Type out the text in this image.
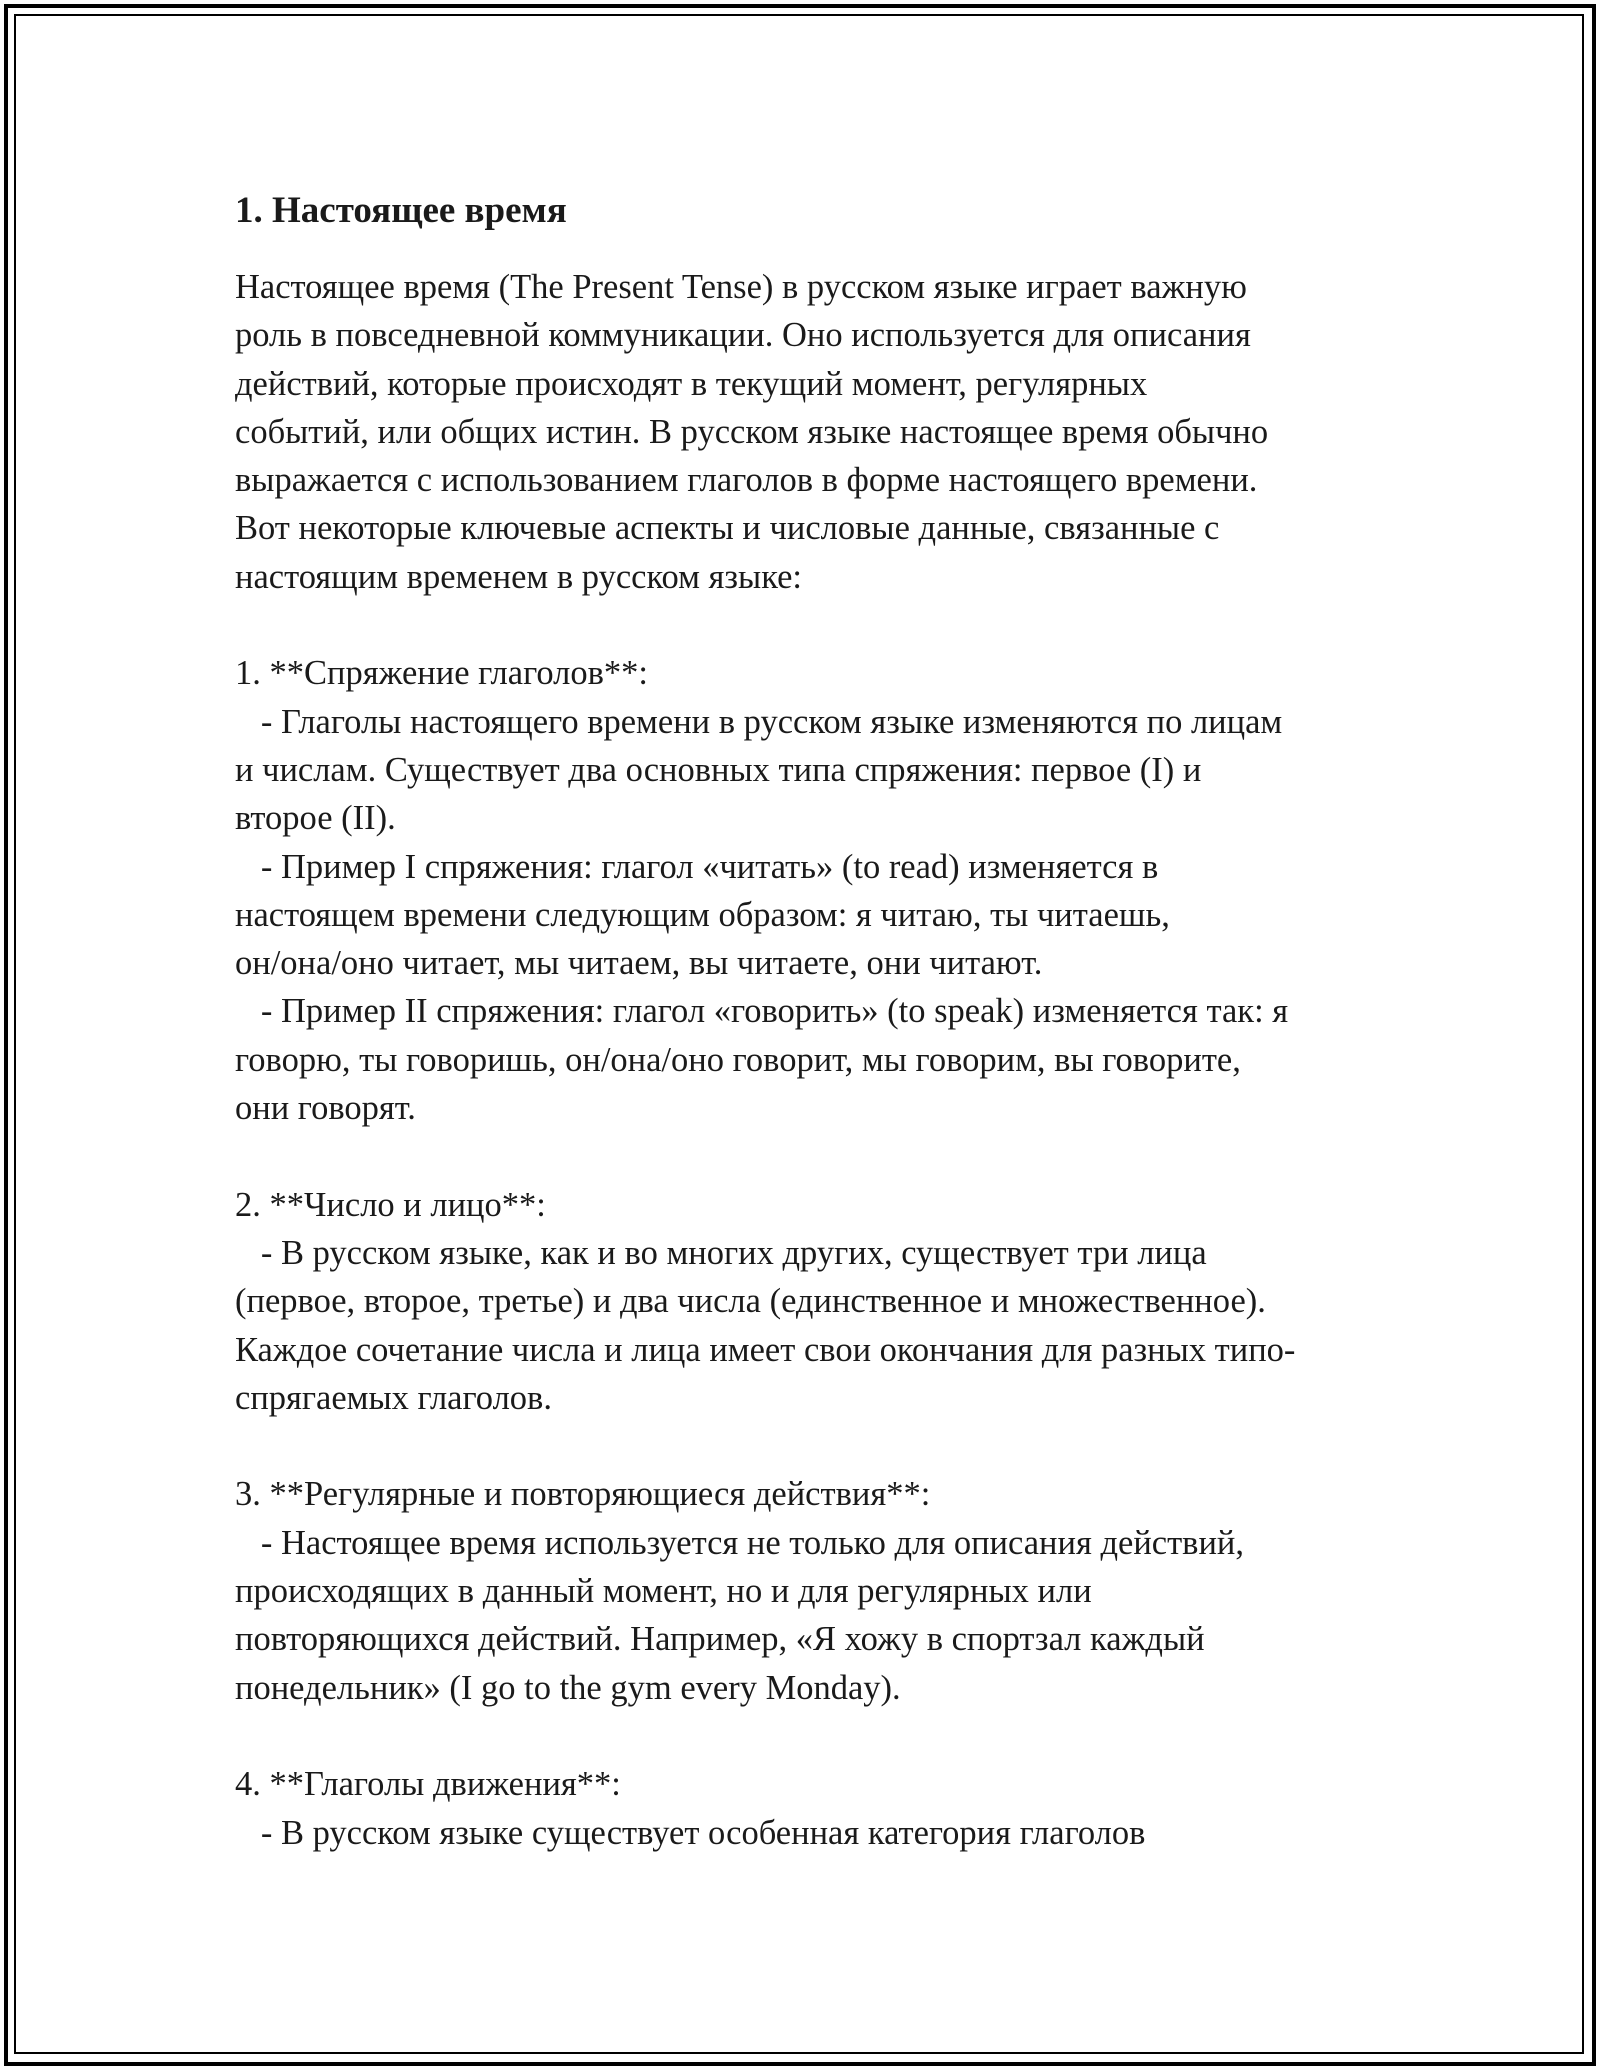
1. Настоящее время
Настоящее время (The Present Tense) в русском языке играет важную
роль в повседневной коммуникации. Оно используется для описания
действий, которые происходят в текущий момент, регулярных
событий, или общих истин. В русском языке настоящее время обычно
выражается с использованием глаголов в форме настоящего времени.
Вот некоторые ключевые аспекты и числовые данные, связанные с
настоящим временем в русском языке:
1. **Спряжение глаголов**:
- Глаголы настоящего времени в русском языке изменяются по лицам
и числам. Существует два основных типа спряжения: первое (I) и
второе (II).
- Пример I спряжения: глагол «читать» (to read) изменяется в
настоящем времени следующим образом: я читаю, ты читаешь,
он/она/оно читает, мы читаем, вы читаете, они читают.
- Пример II спряжения: глагол «говорить» (to speak) изменяется так: я
говорю, ты говоришь, он/она/оно говорит, мы говорим, вы говорите,
они говорят.
2. **Число и лицо**:
- В русском языке, как и во многих других, существует три лица
(первое, второе, третье) и два числа (единственное и множественное).
Каждое сочетание числа и лица имеет свои окончания для разных типо-
спрягаемых глаголов.
3. **Регулярные и повторяющиеся действия**:
- Настоящее время используется не только для описания действий,
происходящих в данный момент, но и для регулярных или
повторяющихся действий. Например, «Я хожу в спортзал каждый
понедельник» (I go to the gym every Monday).
4. **Глаголы движения**:
- В русском языке существует особенная категория глаголов
